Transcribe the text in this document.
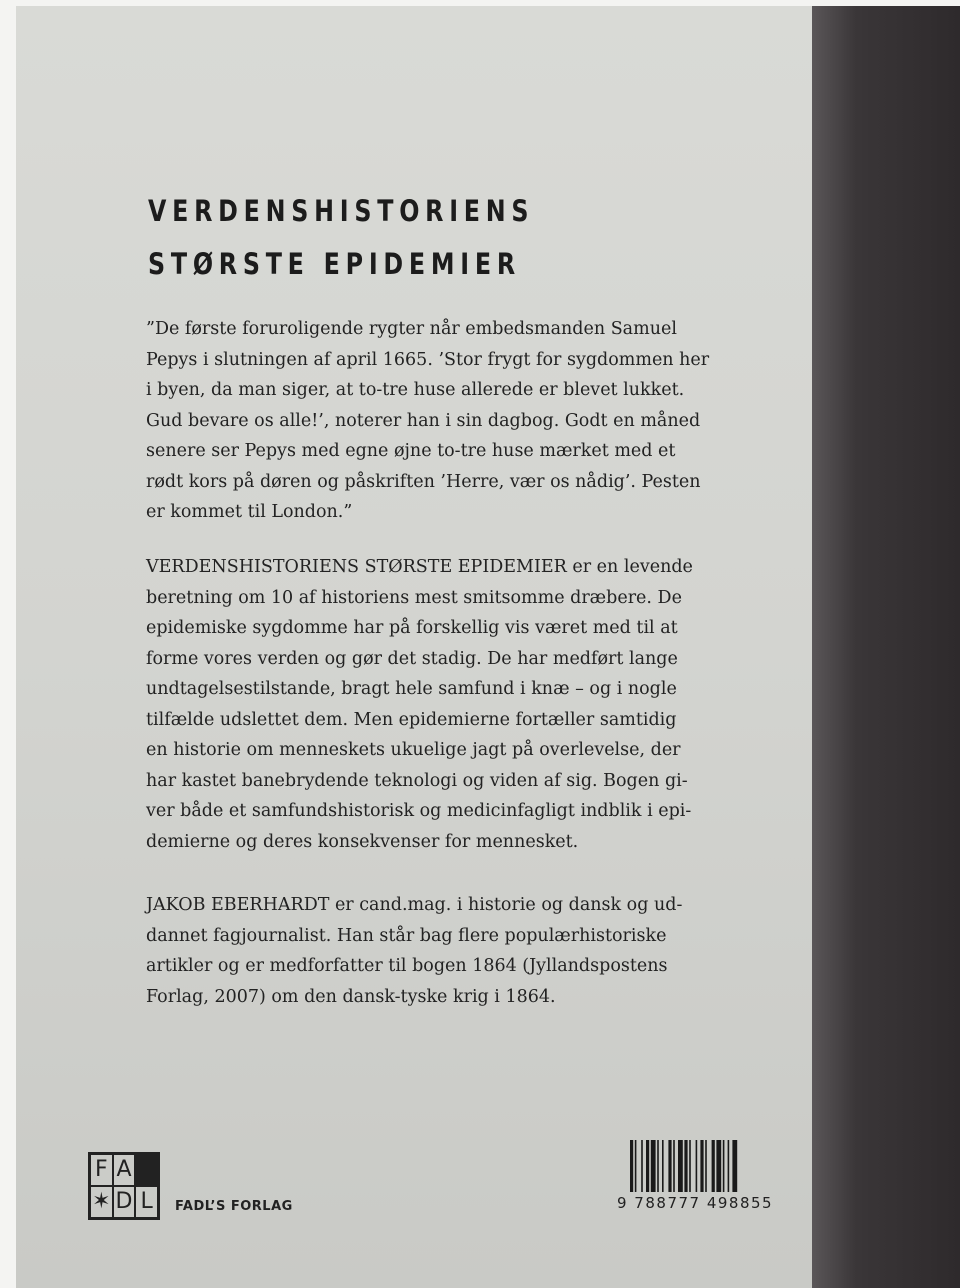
VERDENSHISTORIENS
STØRSTE EPIDEMIER
”De første foruroligende rygter når embedsmanden Samuel
Pepys i slutningen af april 1665. ’Stor frygt for sygdommen her
i byen, da man siger, at to-tre huse allerede er blevet lukket.
Gud bevare os alle!’, noterer han i sin dagbog. Godt en måned
senere ser Pepys med egne øjne to-tre huse mærket med et
rødt kors på døren og påskriften ’Herre, vær os nådig’. Pesten
er kommet til London.”
VERDENSHISTORIENS STØRSTE EPIDEMIER er en levende
beretning om 10 af historiens mest smitsomme dræbere. De
epidemiske sygdomme har på forskellig vis været med til at
forme vores verden og gør det stadig. De har medført lange
undtagelsestilstande, bragt hele samfund i knæ – og i nogle
tilfælde udslettet dem. Men epidemierne fortæller samtidig
en historie om menneskets ukuelige jagt på overlevelse, der
har kastet banebrydende teknologi og viden af sig. Bogen gi-
ver både et samfundshistorisk og medicinfagligt indblik i epi-
demierne og deres konsekvenser for mennesket.
JAKOB EBERHARDT er cand.mag. i historie og dansk og ud-
dannet fagjournalist. Han står bag flere populærhistoriske
artikler og er medforfatter til bogen 1864 (Jyllandspostens
Forlag, 2007) om den dansk-tyske krig i 1864.
F A
✶ D L	FADL’S FORLAG	9 788777 498855
